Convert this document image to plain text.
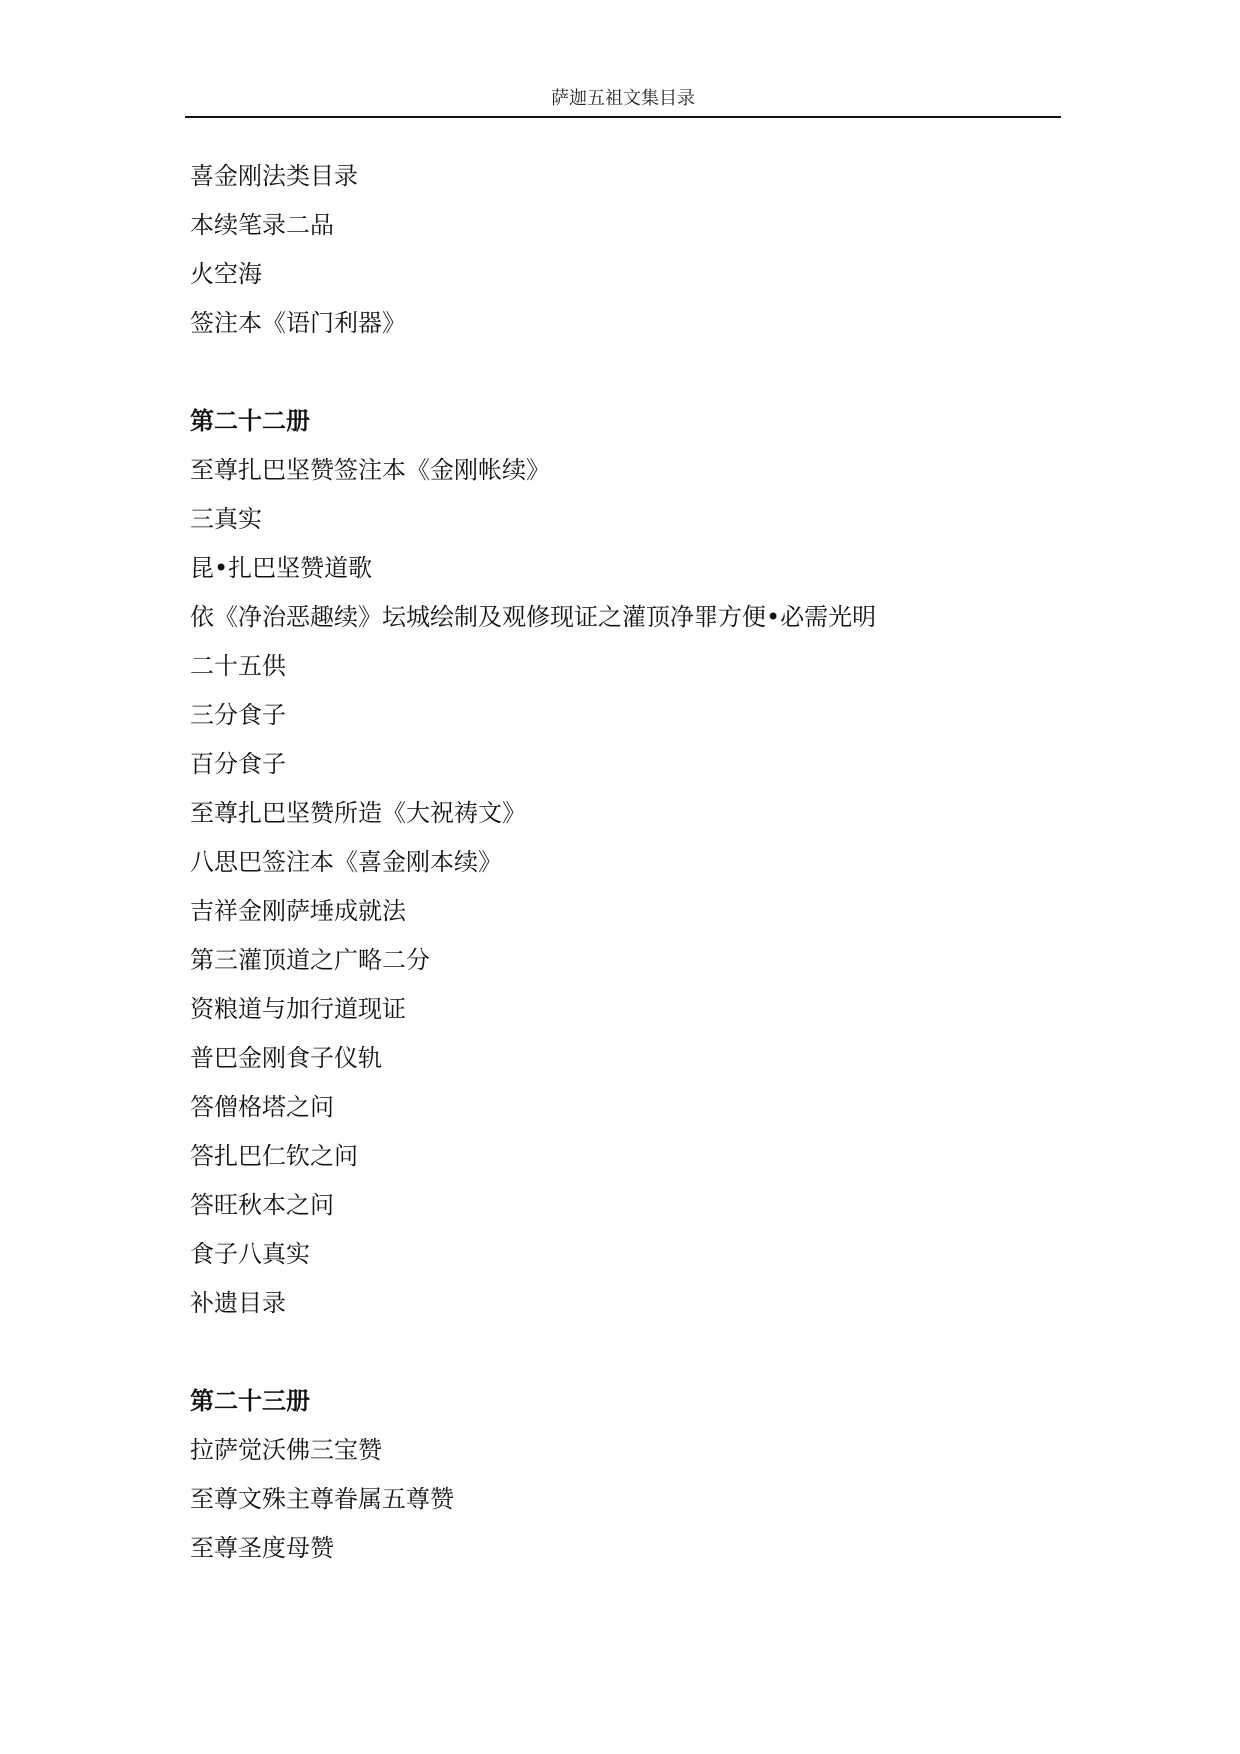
萨迦五祖文集目录
喜金刚法类目录
本续笔录二品
火空海
签注本《语门利器》
第二十二册
至尊扎巴坚赞签注本《金刚帐续》
三真实
昆•扎巴坚赞道歌
依《净治恶趣续》坛城绘制及观修现证之灌顶净罪方便•必需光明
二十五供
三分食子
百分食子
至尊扎巴坚赞所造《大祝祷文》
八思巴签注本《喜金刚本续》
吉祥金刚萨埵成就法
第三灌顶道之广略二分
资粮道与加行道现证
普巴金刚食子仪轨
答僧格塔之问
答扎巴仁钦之问
答旺秋本之问
食子八真实
补遗目录
第二十三册
拉萨觉沃佛三宝赞
至尊文殊主尊眷属五尊赞
至尊圣度母赞
